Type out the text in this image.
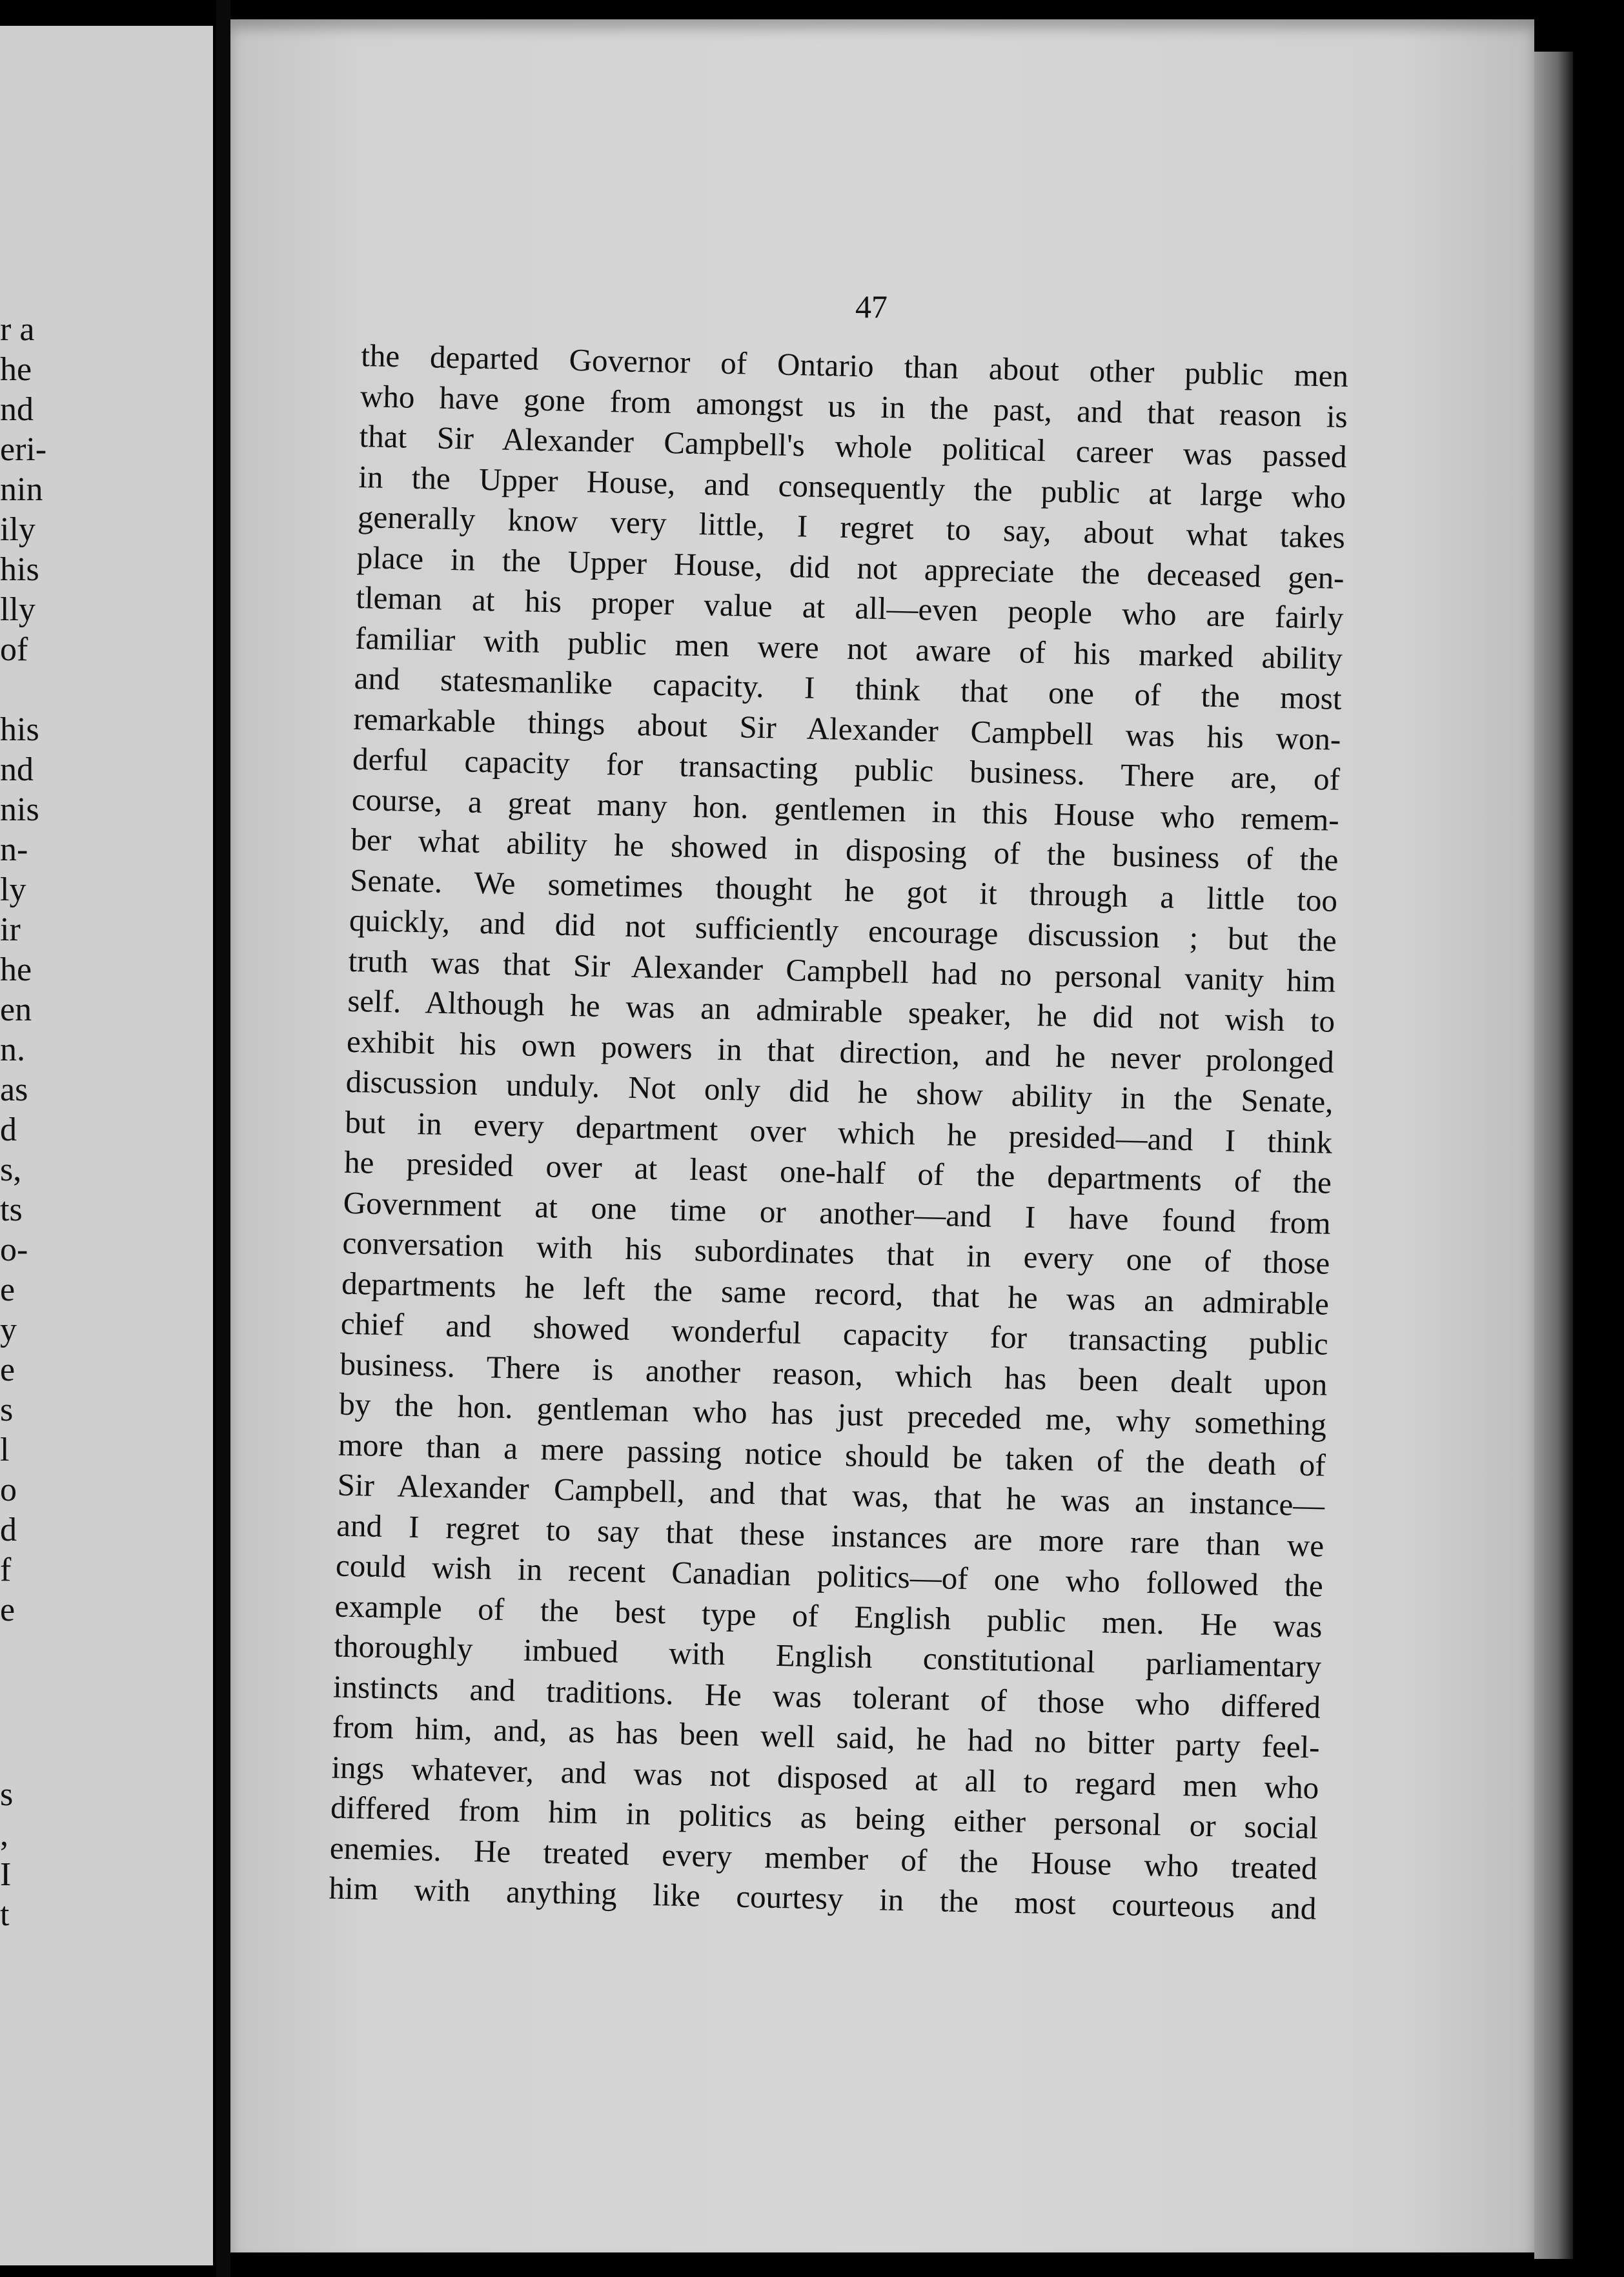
r a
he
nd
eri-
nin
ily
his
lly
of
his
nd
nis
n-
ly
ir
he
en
n.
as
d
s,
ts
o-
e
y
e
s
l
o
d
f
e
s
,
I
t
47
the departed Governor of Ontario than about other public men
who have gone from amongst us in the past, and that reason is
that Sir Alexander Campbell's whole political career was passed
in the Upper House, and consequently the public at large who
generally know very little, I regret to say, about what takes
place in the Upper House, did not appreciate the deceased gen-
tleman at his proper value at all—even people who are fairly
familiar with public men were not aware of his marked ability
and statesmanlike capacity. I think that one of the most
remarkable things about Sir Alexander Campbell was his won-
derful capacity for transacting public business. There are, of
course, a great many hon. gentlemen in this House who remem-
ber what ability he showed in disposing of the business of the
Senate. We sometimes thought he got it through a little too
quickly, and did not sufficiently encourage discussion ; but the
truth was that Sir Alexander Campbell had no personal vanity him
self. Although he was an admirable speaker, he did not wish to
exhibit his own powers in that direction, and he never prolonged
discussion unduly. Not only did he show ability in the Senate,
but in every department over which he presided—and I think
he presided over at least one-half of the departments of the
Government at one time or another—and I have found from
conversation with his subordinates that in every one of those
departments he left the same record, that he was an admirable
chief and showed wonderful capacity for transacting public
business. There is another reason, which has been dealt upon
by the hon. gentleman who has just preceded me, why something
more than a mere passing notice should be taken of the death of
Sir Alexander Campbell, and that was, that he was an instance—
and I regret to say that these instances are more rare than we
could wish in recent Canadian politics—of one who followed the
example of the best type of English public men. He was
thoroughly imbued with English constitutional parliamentary
instincts and traditions. He was tolerant of those who differed
from him, and, as has been well said, he had no bitter party feel-
ings whatever, and was not disposed at all to regard men who
differed from him in politics as being either personal or social
enemies. He treated every member of the House who treated
him with anything like courtesy in the most courteous and
